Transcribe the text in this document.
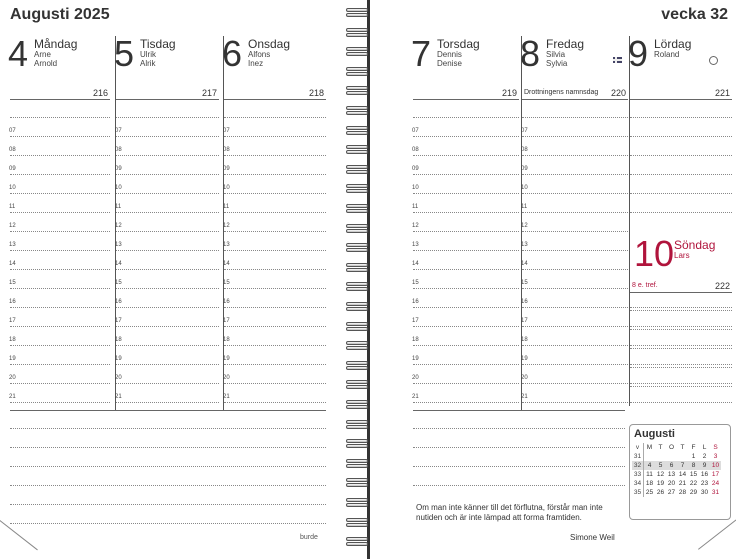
Augusti 2025	vecka 32
4 Måndag
Arne
Arnold
216
07
08
09
10
11
12
13
14
15
16
17
18
19
20
21
5 Tisdag
Ulrik
Alrik
217
07
08
09
10
11
12
13
14
15
16
17
18
19
20
21
6 Onsdag
Alfons
Inez
218
07
08
09
10
11
12
13
14
15
16
17
18
19
20
21
7 Torsdag
Dennis
Denise
219
07
08
09
10
11
12
13
14
15
16
17
18
19
20
21
8 Fredag
Silvia
Sylvia
220
Drottningens namnsdag
07
08
09
10
11
12
13
14
15
16
17
18
19
20
21
9 Lördag
Roland
221
10 Söndag
Lars
8 e. tref.	222
Om man inte känner till det förflutna, förstår man inte nutiden och är inte lämpad att forma framtiden.
Simone Weil
burde
Augusti
v	M	T	O	T	F	L	S
31					1	2	3
32	4	5	6	7	8	9	10
33	11	12	13	14	15	16	17
34	18	19	20	21	22	23	24
35	25	26	27	28	29	30	31
